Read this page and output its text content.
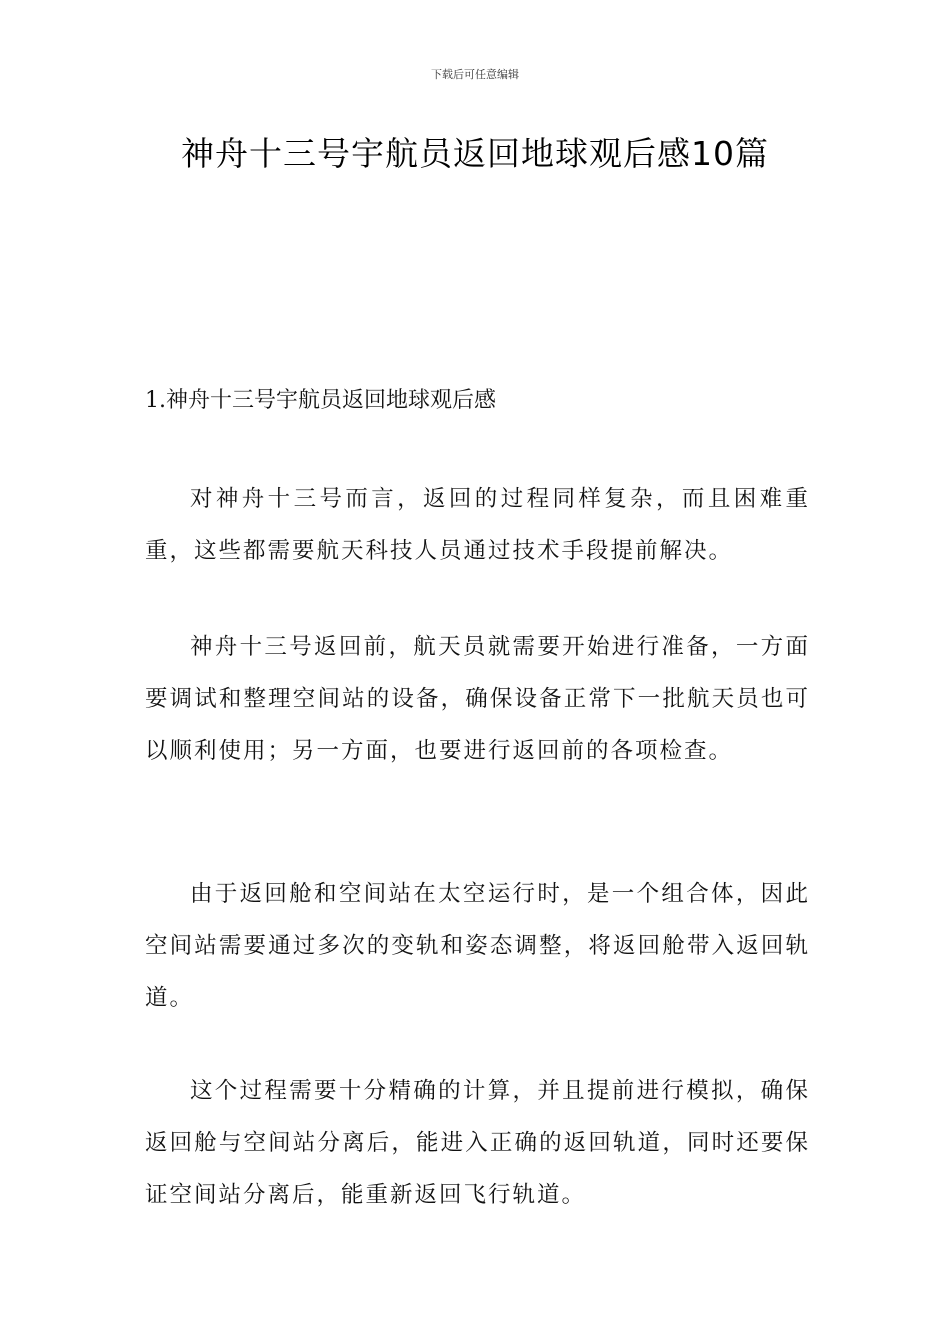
下载后可任意编辑
神舟十三号宇航员返回地球观后感10篇
1.神舟十三号宇航员返回地球观后感

对神舟十三号而言，返回的过程同样复杂，而且困难重重，这些都需要航天科技人员通过技术手段提前解决。

神舟十三号返回前，航天员就需要开始进行准备，一方面要调试和整理空间站的设备，确保设备正常下一批航天员也可以顺利使用；另一方面，也要进行返回前的各项检查。

由于返回舱和空间站在太空运行时，是一个组合体，因此空间站需要通过多次的变轨和姿态调整，将返回舱带入返回轨道。

这个过程需要十分精确的计算，并且提前进行模拟，确保返回舱与空间站分离后，能进入正确的返回轨道，同时还要保证空间站分离后，能重新返回飞行轨道。
